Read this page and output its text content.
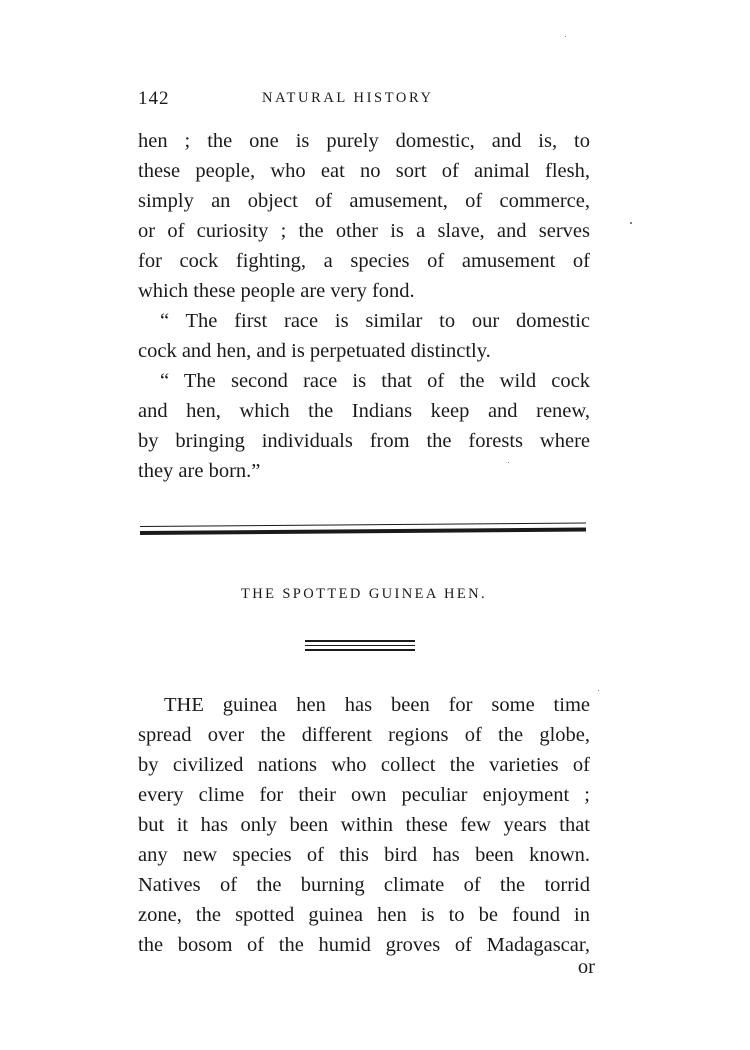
142	NATURAL HISTORY
hen ; the one is purely domestic, and is, to
these people, who eat no sort of animal flesh,
simply an object of amusement, of commerce,
or of curiosity ; the other is a slave, and serves
for cock fighting, a species of amusement of
which these people are very fond.
“ The first race is similar to our domestic
cock and hen, and is perpetuated distinctly.
“ The second race is that of the wild cock
and hen, which the Indians keep and renew,
by bringing individuals from the forests where
they are born.”
THE SPOTTED GUINEA HEN.
THE guinea hen has been for some time
spread over the different regions of the globe,
by civilized nations who collect the varieties of
every clime for their own peculiar enjoyment ;
but it has only been within these few years that
any new species of this bird has been known.
Natives of the burning climate of the torrid
zone, the spotted guinea hen is to be found in
the bosom of the humid groves of Madagascar,
or
